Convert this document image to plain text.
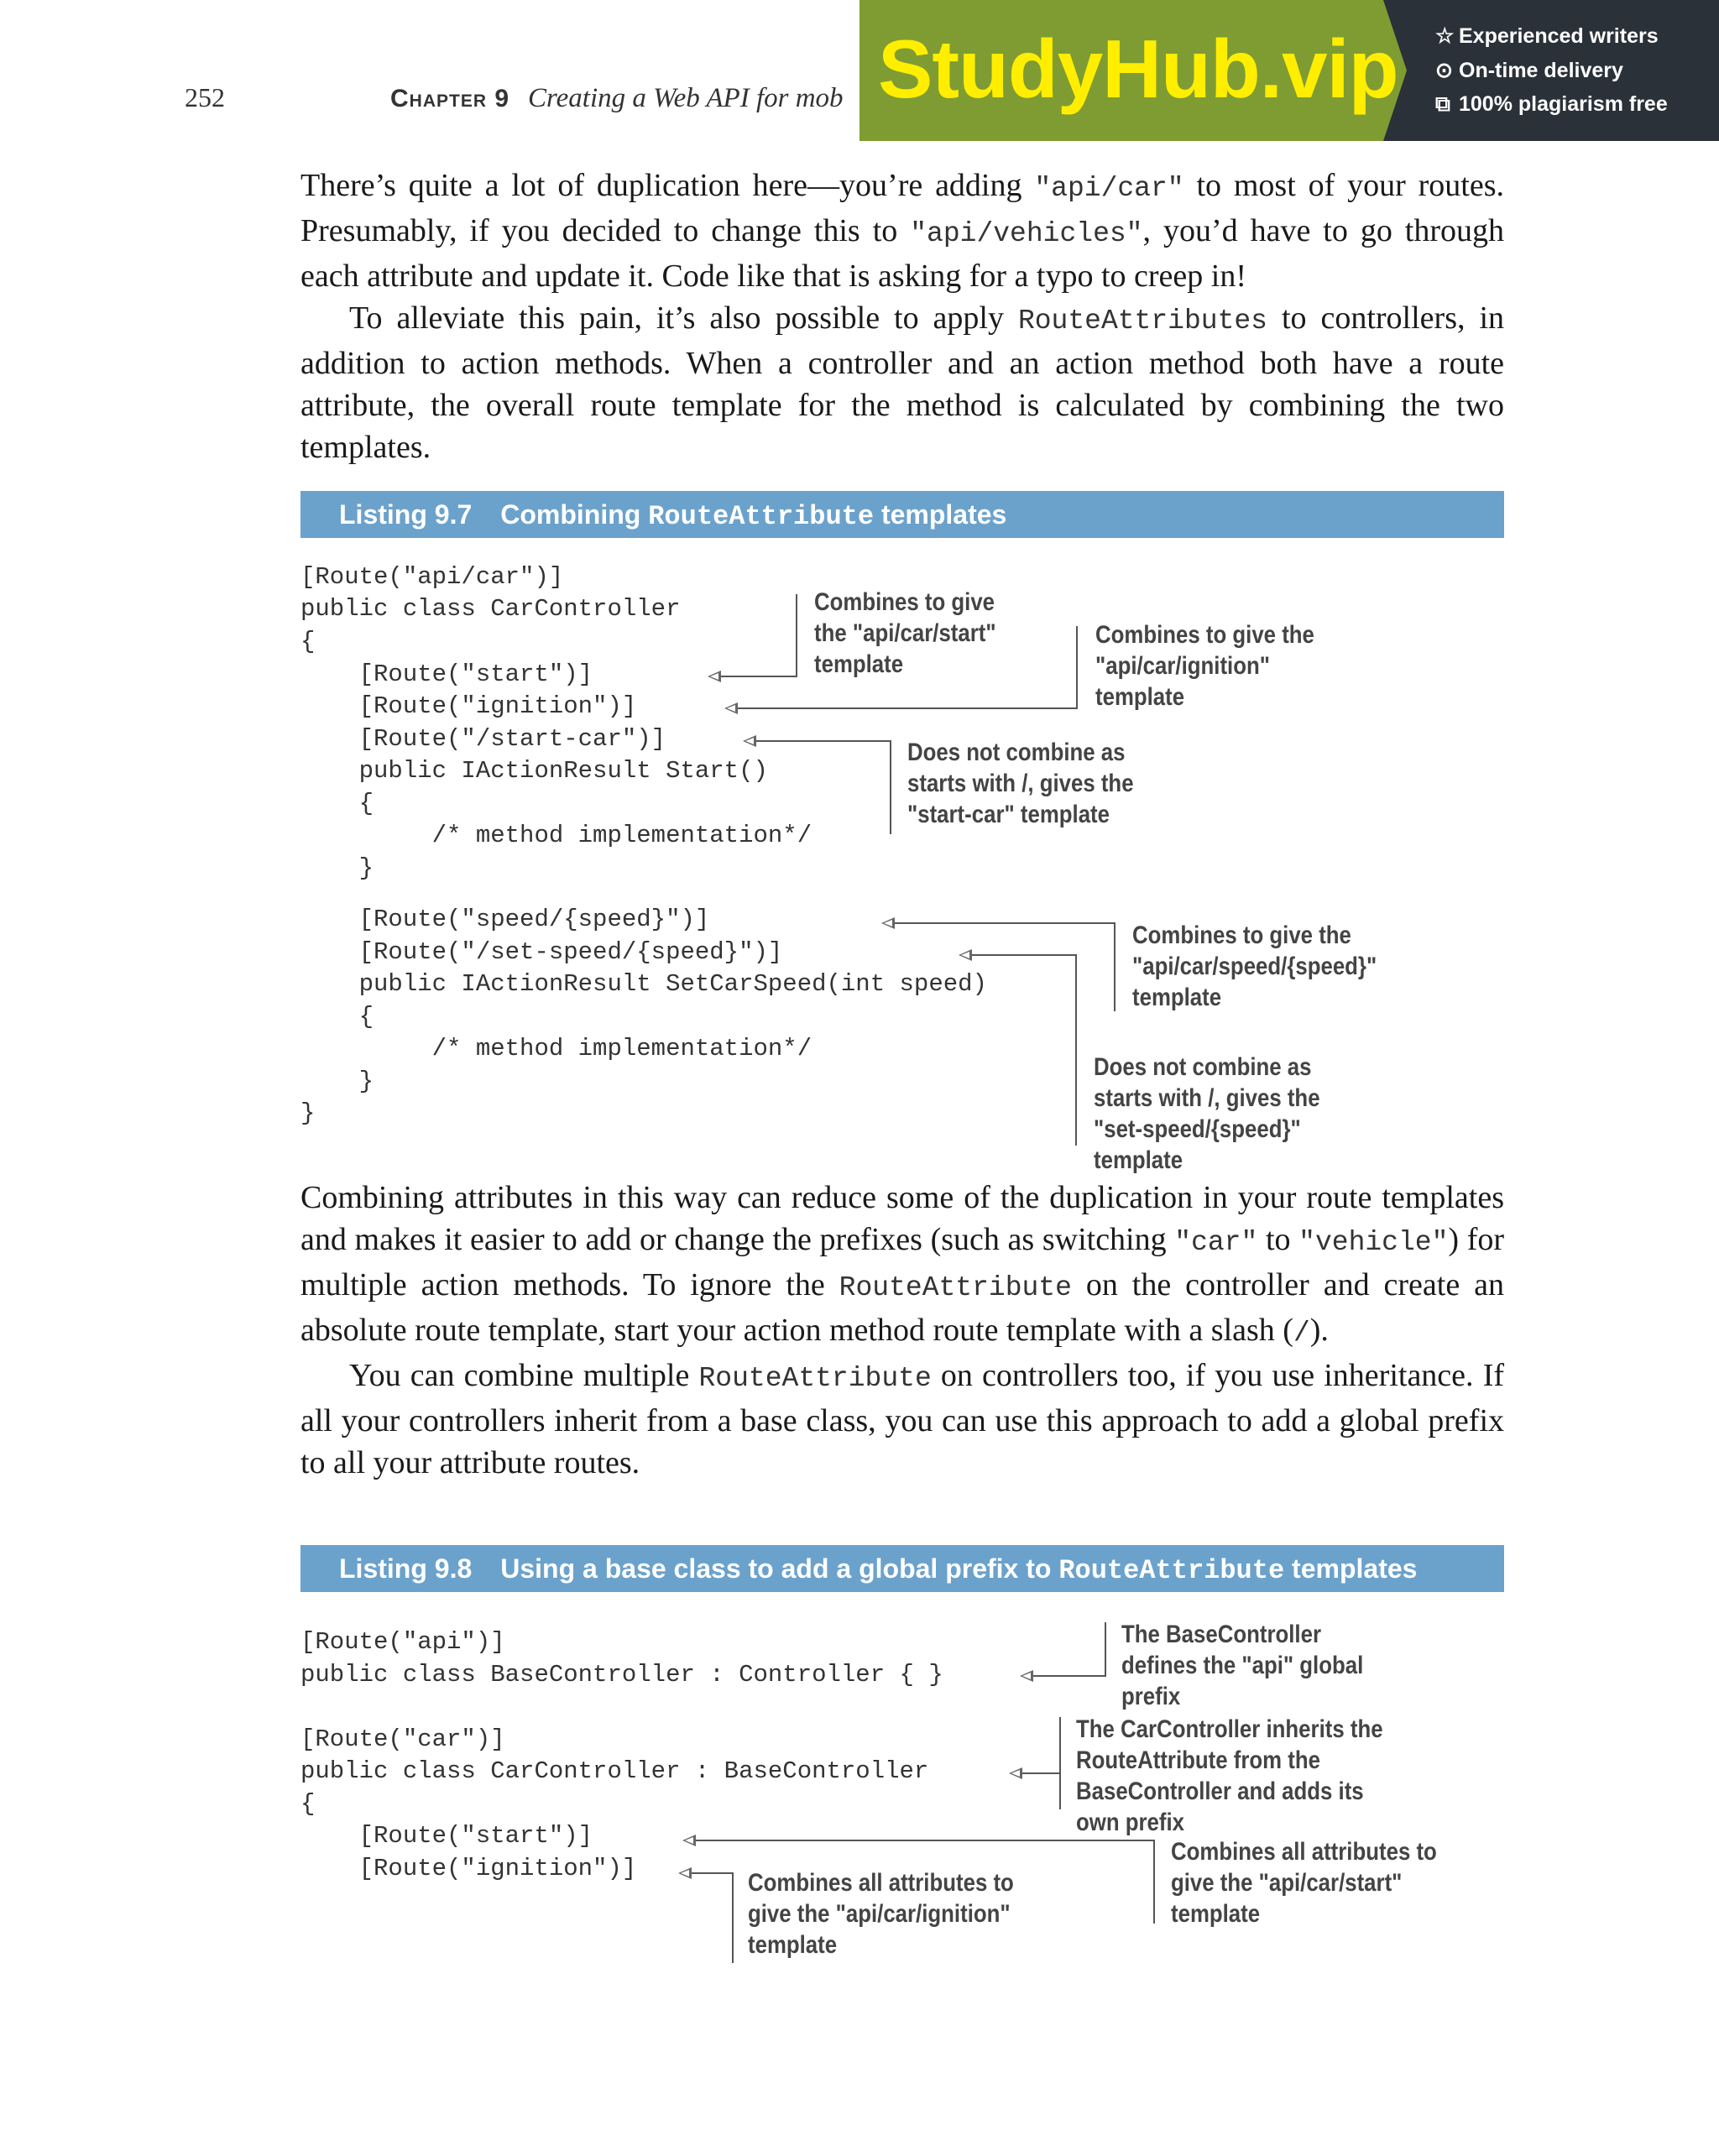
252	Chapter 9 Creating a Web API for mob StudyHub.vip ☆ Experienced writers
⊙ On-time delivery
⧉ 100% plagiarism free

There’s quite a lot of duplication here—you’re adding "api/car" to most of your routes. Presumably, if you decided to change this to "api/vehicles", you’d have to go through each attribute and update it. Code like that is asking for a typo to creep in!

To alleviate this pain, it’s also possible to apply RouteAttributes to controllers, in addition to action methods. When a controller and an action method both have a route attribute, the overall route template for the method is calculated by combining the two templates.

Listing 9.7 Combining RouteAttribute templates
[Route("api/car")]
public class CarController
{
[Route("start")]
[Route("ignition")]
[Route("/start-car")]
public IActionResult Start()
{
/* method implementation*/
}
[Route("speed/{speed}")]
[Route("/set-speed/{speed}")]
public IActionResult SetCarSpeed(int speed)
{
/* method implementation*/
}
}
Combines to give the "api/car/start" template
Combines to give the "api/car/ignition" template
Does not combine as starts with /, gives the "start-car" template
Combines to give the "api/car/speed/{speed}" template
Does not combine as starts with /, gives the "set-speed/{speed}" template

Combining attributes in this way can reduce some of the duplication in your route templates and makes it easier to add or change the prefixes (such as switching "car" to "vehicle") for multiple action methods. To ignore the RouteAttribute on the controller and create an absolute route template, start your action method route template with a slash (/).

You can combine multiple RouteAttribute on controllers too, if you use inheritance. If all your controllers inherit from a base class, you can use this approach to add a global prefix to all your attribute routes.

Listing 9.8 Using a base class to add a global prefix to RouteAttribute templates
[Route("api")]
public class BaseController : Controller { }
[Route("car")]
public class CarController : BaseController
{
[Route("start")]
[Route("ignition")]
The BaseController defines the "api" global prefix
The CarController inherits the RouteAttribute from the BaseController and adds its own prefix
Combines all attributes to give the "api/car/start" template
Combines all attributes to give the "api/car/ignition" template
